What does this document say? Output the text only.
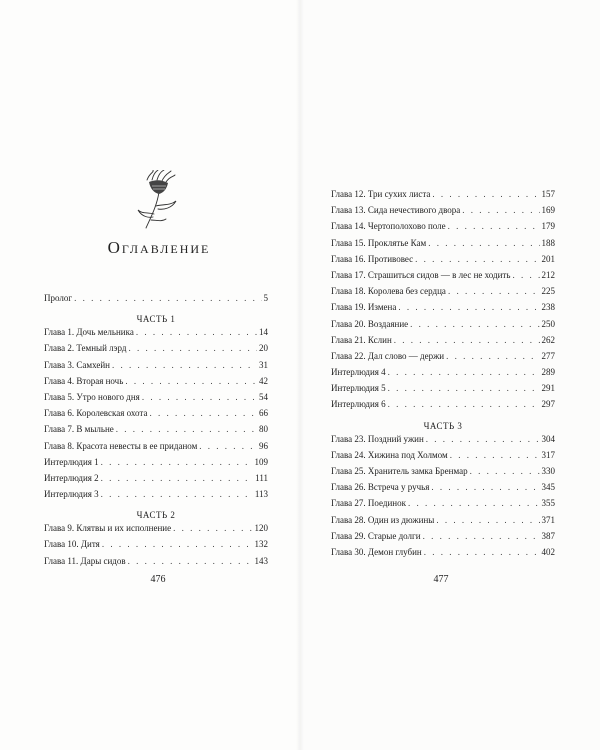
Оглавление
Пролог . . .	5
ЧАСТЬ 1
Глава 1. Дочь мельника . . .	14
Глава 2. Темный лэрд . . .	20
Глава 3. Самхейн . . .	31
Глава 4. Вторая ночь . . .	42
Глава 5. Утро нового дня . . .	54
Глава 6. Королевская охота . . .	66
Глава 7. В мыльне . . .	80
Глава 8. Красота невесты в ее приданом . . .	96
Интерлюдия 1 . . .	109
Интерлюдия 2 . . .	111
Интерлюдия 3 . . .	113
ЧАСТЬ 2
Глава 9. Клятвы и их исполнение . . .	120
Глава 10. Дитя . . .	132
Глава 11. Дары сидов . . .	143
Глава 12. Три сухих листа . . .	157
Глава 13. Сида нечестивого двора . . .	169
Глава 14. Чертополохово поле . . .	179
Глава 15. Проклятье Кам . . .	188
Глава 16. Противовес . . .	201
Глава 17. Страшиться сидов — в лес не ходить . . .	212
Глава 18. Королева без сердца . . .	225
Глава 19. Измена . . .	238
Глава 20. Воздаяние . . .	250
Глава 21. Кслин . . .	262
Глава 22. Дал слово — держи . . .	277
Интерлюдия 4 . . .	289
Интерлюдия 5 . . .	291
Интерлюдия 6 . . .	297
ЧАСТЬ 3
Глава 23. Поздний ужин . . .	304
Глава 24. Хижина под Холмом . . .	317
Глава 25. Хранитель замка Бренмар . . .	330
Глава 26. Встреча у ручья . . .	345
Глава 27. Поединок . . .	355
Глава 28. Один из дюжины . . .	371
Глава 29. Старые долги . . .	387
Глава 30. Демон глубин . . .	402
476	477
